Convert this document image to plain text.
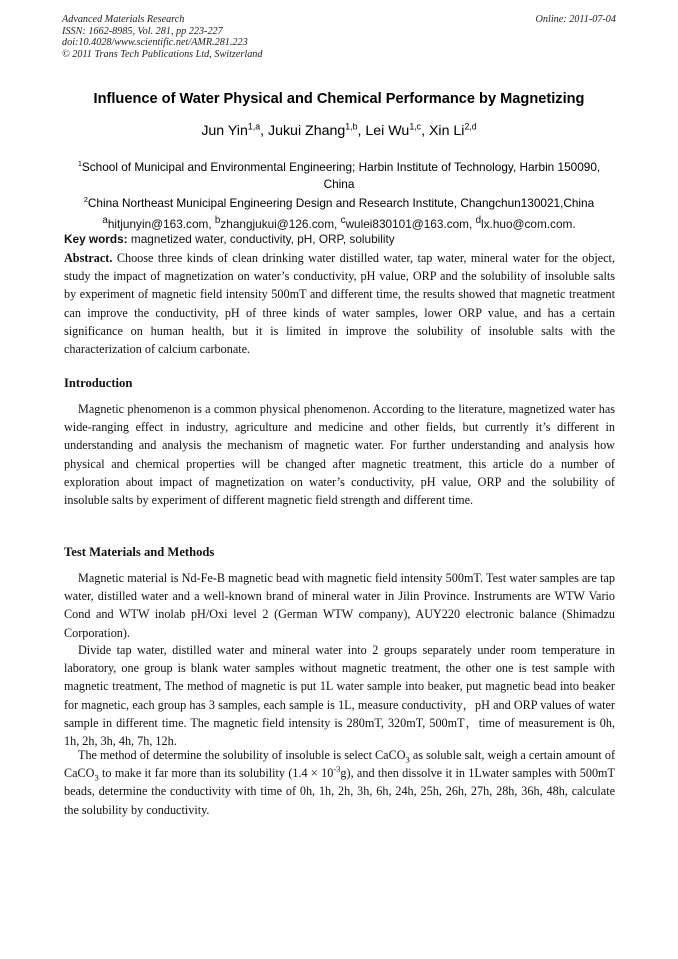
Advanced Materials Research
ISSN: 1662-8985, Vol. 281, pp 223-227
doi:10.4028/www.scientific.net/AMR.281.223
© 2011 Trans Tech Publications Ltd, Switzerland
Online: 2011-07-04
Influence of Water Physical and Chemical Performance by Magnetizing
Jun Yin$^{1,a}$, Jukui Zhang$^{1,b}$, Lei Wu$^{1,c}$, Xin Li$^{2,d}$
$^1$School of Municipal and Environmental Engineering; Harbin Institute of Technology, Harbin 150090, China
$^2$China Northeast Municipal Engineering Design and Research Institute, Changchun130021,China
$^a$hitjunyin@163.com, $^b$zhangjukui@126.com, $^c$wulei830101@163.com, $^d$lx.huo@com.com.
Key words: magnetized water, conductivity, pH, ORP, solubility
Abstract. Choose three kinds of clean drinking water distilled water, tap water, mineral water for the object, study the impact of magnetization on water’s conductivity, pH value, ORP and the solubility of insoluble salts by experiment of magnetic field intensity 500mT and different time, the results showed that magnetic treatment can improve the conductivity, pH of three kinds of water samples, lower ORP value, and has a certain significance on human health, but it is limited in improve the solubility of insoluble salts with the characterization of calcium carbonate.
Introduction

Magnetic phenomenon is a common physical phenomenon. According to the literature, magnetized water has wide-ranging effect in industry, agriculture and medicine and other fields, but currently it’s different in understanding and analysis the mechanism of magnetic water. For further understanding and analysis how physical and chemical properties will be changed after magnetic treatment, this article do a number of exploration about impact of magnetization on water’s conductivity, pH value, ORP and the solubility of insoluble salts by experiment of different magnetic field strength and different time.

Test Materials and Methods

Magnetic material is Nd-Fe-B magnetic bead with magnetic field intensity 500mT. Test water samples are tap water, distilled water and a well-known brand of mineral water in Jilin Province. Instruments are WTW Vario Cond and WTW inolab pH/Oxi level 2 (German WTW company), AUY220 electronic balance (Shimadzu Corporation).

Divide tap water, distilled water and mineral water into 2 groups separately under room temperature in laboratory, one group is blank water samples without magnetic treatment, the other one is test sample with magnetic treatment, The method of magnetic is put 1L water sample into beaker, put magnetic bead into beaker for magnetic, each group has 3 samples, each sample is 1L, measure conductivity，pH and ORP values of water sample in different time. The magnetic field intensity is 280mT, 320mT, 500mT，time of measurement is 0h, 1h, 2h, 3h, 4h, 7h, 12h.

The method of determine the solubility of insoluble is select CaCO$_3$ as soluble salt, weigh a certain amount of CaCO$_3$ to make it far more than its solubility $(1.4 \times 10^{-3}g)$, and then dissolve it in 1Lwater samples with 500mT beads, determine the conductivity with time of 0h, 1h, 2h, 3h, 6h, 24h, 25h, 26h, 27h, 28h, 36h, 48h, calculate the solubility by conductivity.
